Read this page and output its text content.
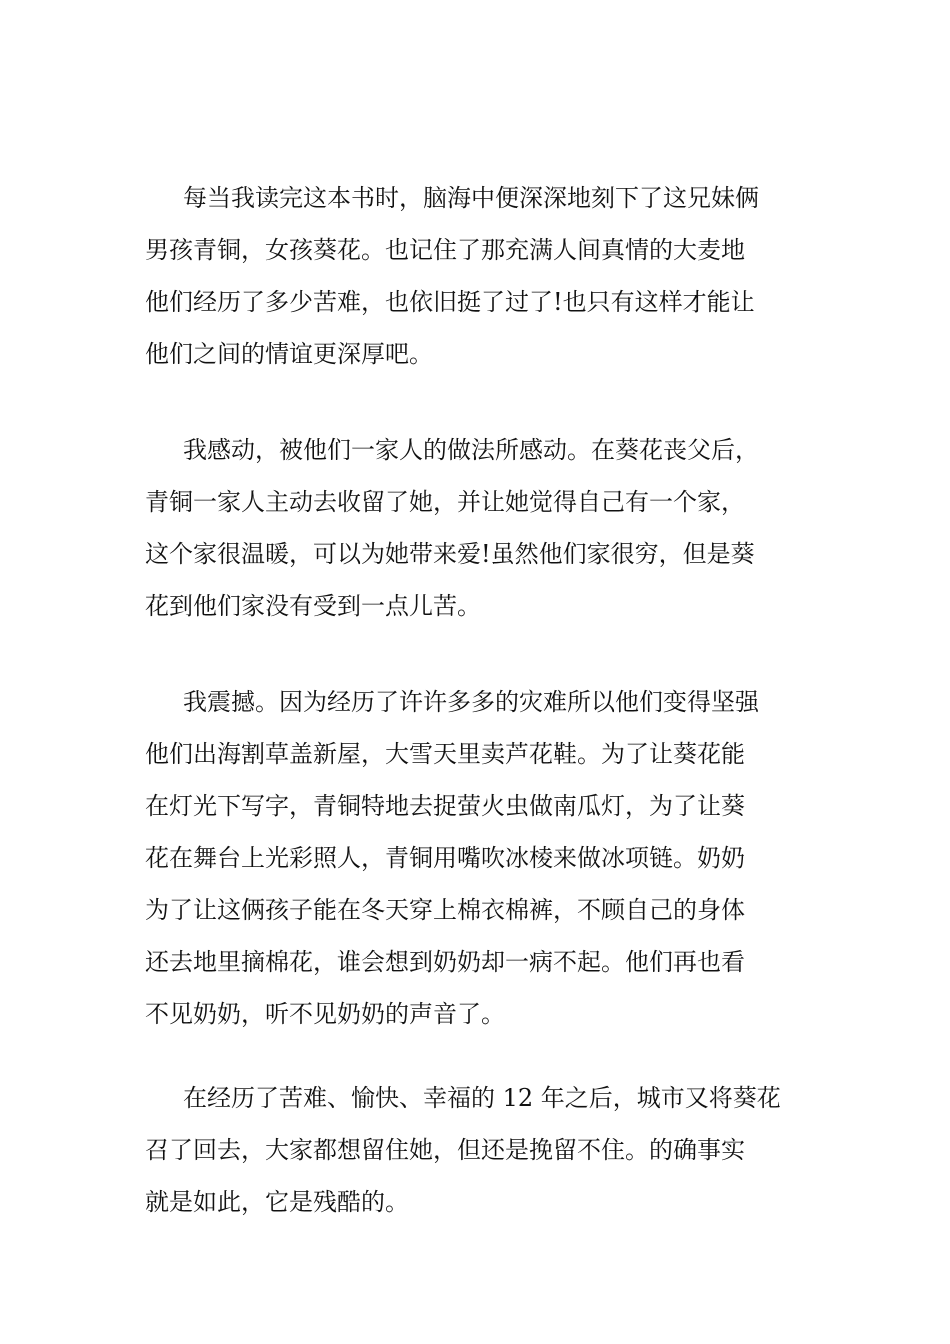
每当我读完这本书时，脑海中便深深地刻下了这兄妹俩
男孩青铜，女孩葵花。也记住了那充满人间真情的大麦地
他们经历了多少苦难，也依旧挺了过了!也只有这样才能让
他们之间的情谊更深厚吧。
我感动，被他们一家人的做法所感动。在葵花丧父后，
青铜一家人主动去收留了她，并让她觉得自己有一个家，
这个家很温暖，可以为她带来爱!虽然他们家很穷，但是葵
花到他们家没有受到一点儿苦。
我震撼。因为经历了许许多多的灾难所以他们变得坚强
他们出海割草盖新屋，大雪天里卖芦花鞋。为了让葵花能
在灯光下写字，青铜特地去捉萤火虫做南瓜灯，为了让葵
花在舞台上光彩照人，青铜用嘴吹冰棱来做冰项链。奶奶
为了让这俩孩子能在冬天穿上棉衣棉裤，不顾自己的身体
还去地里摘棉花，谁会想到奶奶却一病不起。他们再也看
不见奶奶，听不见奶奶的声音了。
在经历了苦难、愉快、幸福的 12 年之后，城市又将葵花
召了回去，大家都想留住她，但还是挽留不住。的确事实
就是如此，它是残酷的。
